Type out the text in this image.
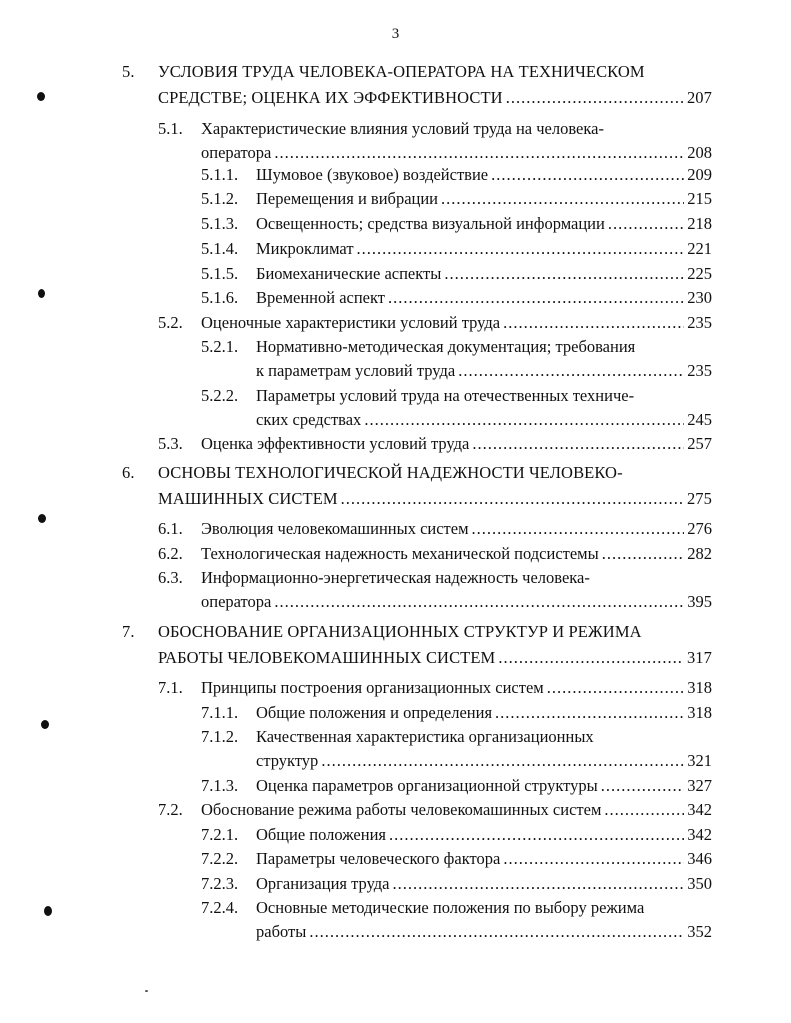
3
5. УСЛОВИЯ ТРУДА ЧЕЛОВЕКА-ОПЕРАТОРА НА ТЕХНИЧЕСКОМ
СРЕДСТВЕ; ОЦЕНКА ИХ ЭФФЕКТИВНОСТИ .....	207
5.1. Характеристические влияния условий труда на человека-
оператора .....	208
5.1.1. Шумовое (звуковое) воздействие .....	209
5.1.2. Перемещения и вибрации .....	215
5.1.3. Освещенность; средства визуальной информации .....	218
5.1.4. Микроклимат .....	221
5.1.5. Биомеханические аспекты .....	225
5.1.6. Временной аспект .....	230
5.2. Оценочные характеристики условий труда .....	235
5.2.1. Нормативно-методическая документация; требования
к параметрам условий труда .....	235
5.2.2. Параметры условий труда на отечественных техниче-
ских средствах .....	245
5.3. Оценка эффективности условий труда .....	257
6. ОСНОВЫ ТЕХНОЛОГИЧЕСКОЙ НАДЕЖНОСТИ ЧЕЛОВЕКО-
МАШИННЫХ СИСТЕМ .....	275
6.1. Эволюция человекомашинных систем .....	276
6.2. Технологическая надежность механической подсистемы .....	282
6.3. Информационно-энергетическая надежность человека-
оператора .....	395
7. ОБОСНОВАНИЕ ОРГАНИЗАЦИОННЫХ СТРУКТУР И РЕЖИМА
РАБОТЫ ЧЕЛОВЕКОМАШИННЫХ СИСТЕМ .....	317
7.1. Принципы построения организационных систем .....	318
7.1.1. Общие положения и определения .....	318
7.1.2. Качественная характеристика организационных
структур .....	321
7.1.3. Оценка параметров организационной структуры .....	327
7.2. Обоснование режима работы человекомашинных систем .....	342
7.2.1. Общие положения .....	342
7.2.2. Параметры человеческого фактора .....	346
7.2.3. Организация труда .....	350
7.2.4. Основные методические положения по выбору режима
работы .....	352
